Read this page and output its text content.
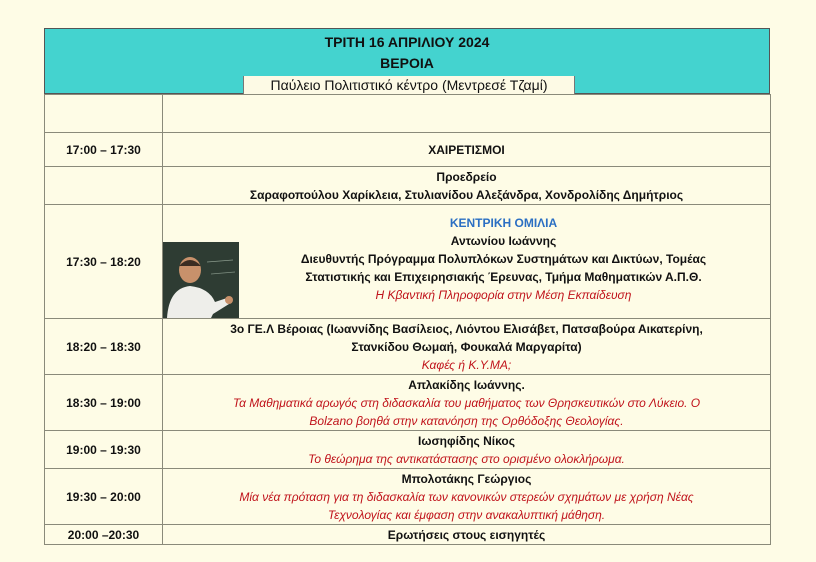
ΤΡΙΤΗ 16 ΑΠΡΙΛΙΟΥ 2024
ΒΕΡΟΙΑ
Παύλειο Πολιτιστικό κέντρο (Μεντρεσέ Τζαμί)

17:00 – 17:30	ΧΑΙΡΕΤΙΣΜΟΙ

	Προεδρείο
Σαραφοπούλου Χαρίκλεια, Στυλιανίδου Αλεξάνδρα, Χονδρολίδης Δημήτριος

17:30 – 18:20	ΚΕΝΤΡΙΚΗ ΟΜΙΛΙΑ
Αντωνίου Ιωάννης
Διευθυντής Πρόγραμμα Πολυπλόκων Συστημάτων και Δικτύων, Τομέας
Στατιστικής και Επιχειρησιακής Έρευνας, Τμήμα Μαθηματικών Α.Π.Θ.
Η Κβαντική Πληροφορία στην Μέση Εκπαίδευση

18:20 – 18:30	3ο ΓΕ.Λ Βέροιας (Ιωαννίδης Βασίλειος, Λιόντου Ελισάβετ, Πατσαβούρα Αικατερίνη,
Στανκίδου Θωμαή, Φουκαλά Μαργαρίτα)
Καφές ή Κ.Υ.ΜΑ;

18:30 – 19:00	Απλακίδης Ιωάννης.
Τα Μαθηματικά αρωγός στη διδασκαλία του μαθήματος των Θρησκευτικών στο Λύκειο. Ο
Bolzano βοηθά στην κατανόηση της Ορθόδοξης Θεολογίας.

19:00 – 19:30	Ιωσηφίδης Νίκος
Το θεώρημα της αντικατάστασης στο ορισμένο ολοκλήρωμα.

19:30 – 20:00	Μπολοτάκης Γεώργιος
Μία νέα πρόταση για τη διδασκαλία των κανονικών στερεών σχημάτων με χρήση Νέας
Τεχνολογίας και έμφαση στην ανακαλυπτική μάθηση.

20:00 –20:30	Ερωτήσεις στους εισηγητές
